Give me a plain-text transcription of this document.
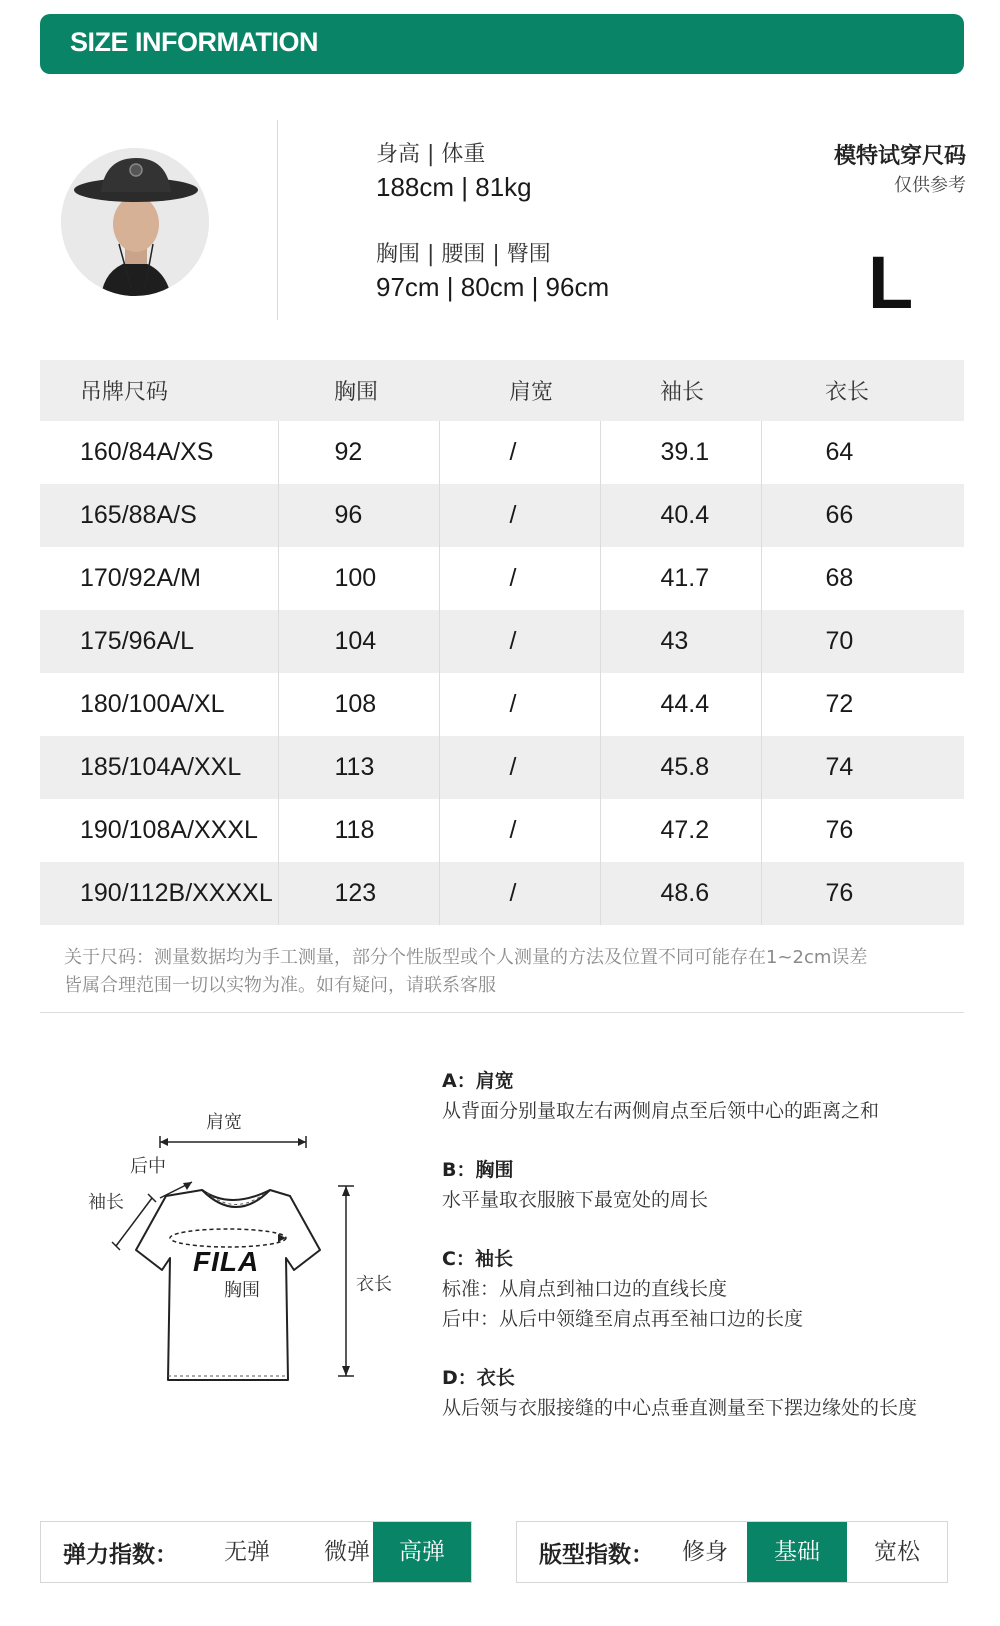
SIZE INFORMATION
身高 | 体重
188cm | 81kg
胸围 | 腰围 | 臀围
97cm | 80cm | 96cm
模特试穿尺码
仅供参考
L
吊牌尺码	胸围	肩宽	袖长	衣长
160/84A/XS	92	/	39.1	64
165/88A/S	96	/	40.4	66
170/92A/M	100	/	41.7	68
175/96A/L	104	/	43	70
180/100A/XL	108	/	44.4	72
185/104A/XXL	113	/	45.8	74
190/108A/XXXL	118	/	47.2	76
190/112B/XXXXL	123	/	48.6	76
关于尺码：测量数据均为手工测量，部分个性版型或个人测量的方法及位置不同可能存在1~2cm误差
皆属合理范围一切以实物为准。如有疑问，请联系客服
肩宽
后中
袖长
FILA
胸围	衣长
A：肩宽
从背面分别量取左右两侧肩点至后领中心的距离之和
B：胸围
水平量取衣服腋下最宽处的周长
C：袖长
标准：从肩点到袖口边的直线长度
后中：从后中领缝至肩点再至袖口边的长度
D：衣长
从后领与衣服接缝的中心点垂直测量至下摆边缘处的长度
弹力指数：	无弹	微弹	高弹	版型指数：	修身	基础	宽松
